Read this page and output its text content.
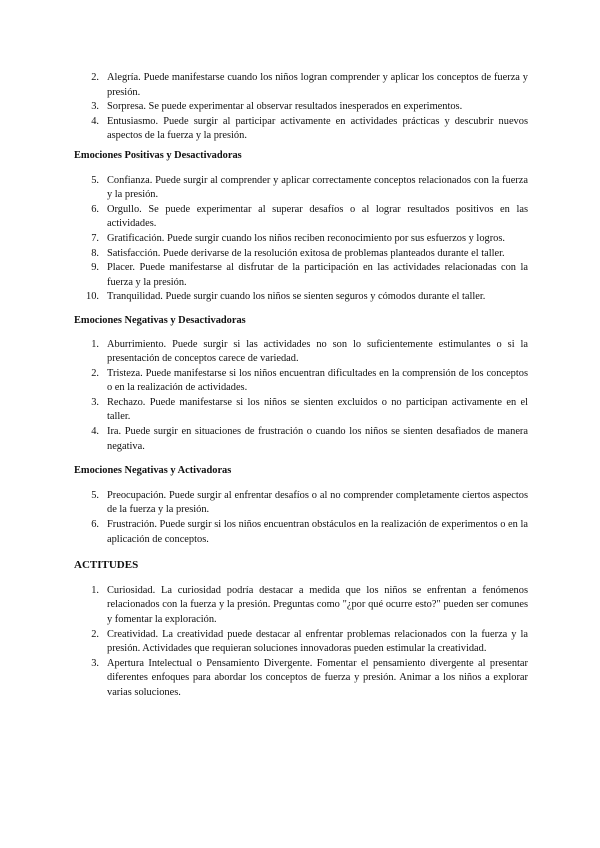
2. Alegría. Puede manifestarse cuando los niños logran comprender y aplicar los conceptos de fuerza y presión.
3. Sorpresa. Se puede experimentar al observar resultados inesperados en experimentos.
4. Entusiasmo. Puede surgir al participar activamente en actividades prácticas y descubrir nuevos aspectos de la fuerza y la presión.

Emociones Positivas y Desactivadoras

5. Confianza. Puede surgir al comprender y aplicar correctamente conceptos relacionados con la fuerza y la presión.
6. Orgullo. Se puede experimentar al superar desafíos o al lograr resultados positivos en las actividades.
7. Gratificación. Puede surgir cuando los niños reciben reconocimiento por sus esfuerzos y logros.
8. Satisfacción. Puede derivarse de la resolución exitosa de problemas planteados durante el taller.
9. Placer. Puede manifestarse al disfrutar de la participación en las actividades relacionadas con la fuerza y la presión.
10. Tranquilidad. Puede surgir cuando los niños se sienten seguros y cómodos durante el taller.

Emociones Negativas y Desactivadoras

1. Aburrimiento. Puede surgir si las actividades no son lo suficientemente estimulantes o si la presentación de conceptos carece de variedad.
2. Tristeza. Puede manifestarse si los niños encuentran dificultades en la comprensión de los conceptos o en la realización de actividades.
3. Rechazo. Puede manifestarse si los niños se sienten excluidos o no participan activamente en el taller.
4. Ira. Puede surgir en situaciones de frustración o cuando los niños se sienten desafiados de manera negativa.

Emociones Negativas y Activadoras

5. Preocupación. Puede surgir al enfrentar desafíos o al no comprender completamente ciertos aspectos de la fuerza y la presión.
6. Frustración. Puede surgir si los niños encuentran obstáculos en la realización de experimentos o en la aplicación de conceptos.

ACTITUDES

1. Curiosidad. La curiosidad podría destacar a medida que los niños se enfrentan a fenómenos relacionados con la fuerza y la presión. Preguntas como "¿por qué ocurre esto?" pueden ser comunes y fomentar la exploración.
2. Creatividad. La creatividad puede destacar al enfrentar problemas relacionados con la fuerza y la presión. Actividades que requieran soluciones innovadoras pueden estimular la creatividad.
3. Apertura Intelectual o Pensamiento Divergente. Fomentar el pensamiento divergente al presentar diferentes enfoques para abordar los conceptos de fuerza y presión. Animar a los niños a explorar varias soluciones.
